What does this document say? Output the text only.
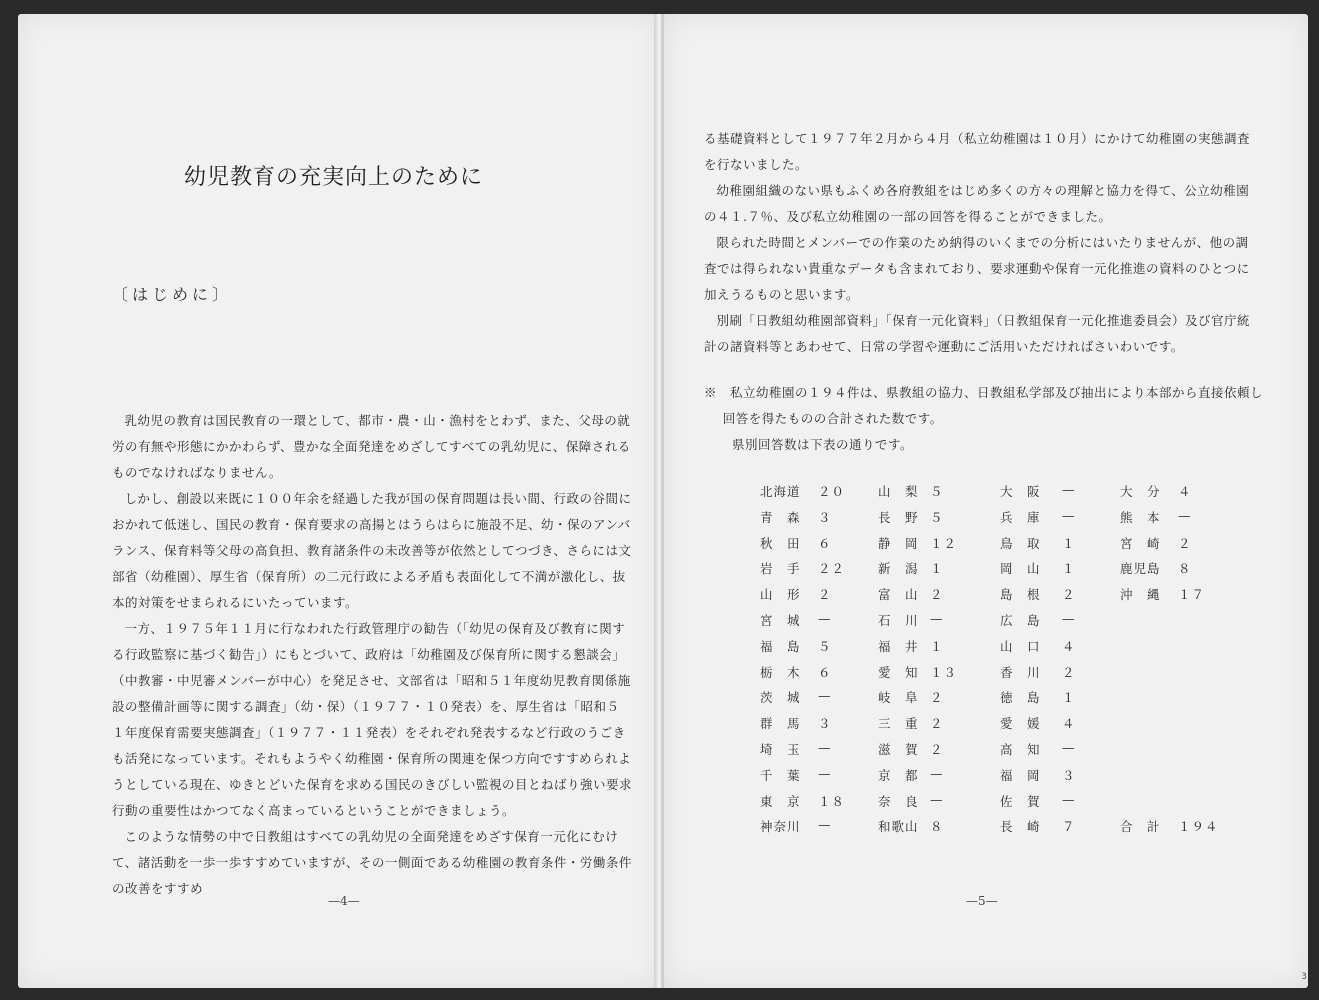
幼児教育の充実向上のために
〔はじめに〕
乳幼児の教育は国民教育の一環として、都市・農・山・漁村をとわず、また、父母の就労の有無や形態にかかわらず、豊かな全面発達をめざしてすべての乳幼児に、保障されるものでなければなりません。
しかし、創設以来既に１００年余を経過した我が国の保育問題は長い間、行政の谷間におかれて低迷し、国民の教育・保育要求の高揚とはうらはらに施設不足、幼・保のアンバランス、保育料等父母の高負担、教育諸条件の未改善等が依然としてつづき、さらには文部省（幼稚園）、厚生省（保育所）の二元行政による矛盾も表面化して不満が激化し、抜本的対策をせまられるにいたっています。
一方、１９７５年１１月に行なわれた行政管理庁の勧告（「幼児の保育及び教育に関する行政監察に基づく勧告」）にもとづいて、政府は「幼稚園及び保育所に関する懇談会」（中教審・中児審メンバーが中心）を発足させ、文部省は「昭和５１年度幼児教育関係施設の整備計画等に関する調査」（幼・保）（１９７７・１０発表）を、厚生省は「昭和５１年度保育需要実態調査」（１９７７・１１発表）をそれぞれ発表するなど行政のうごきも活発になっています。それもようやく幼稚園・保育所の関連を保つ方向ですすめられようとしている現在、ゆきとどいた保育を求める国民のきびしい監視の目とねばり強い要求行動の重要性はかつてなく高まっているということができましょう。
このような情勢の中で日教組はすべての乳幼児の全面発達をめざす保育一元化にむけて、諸活動を一歩一歩すすめていますが、その一側面である幼稚園の教育条件・労働条件の改善をすすめ
—4—
る基礎資料として１９７７年２月から４月（私立幼稚園は１０月）にかけて幼稚園の実態調査を行ないました。
幼稚園組織のない県もふくめ各府教組をはじめ多くの方々の理解と協力を得て、公立幼稚園の４１.７％、及び私立幼稚園の一部の回答を得ることができました。
限られた時間とメンバーでの作業のため納得のいくまでの分析にはいたりませんが、他の調査では得られない貴重なデータも含まれており、要求運動や保育一元化推進の資料のひとつに加えうるものと思います。
別刷「日教組幼稚園部資料」「保育一元化資料」（日教組保育一元化推進委員会）及び官庁統計の諸資料等とあわせて、日常の学習や運動にご活用いただければさいわいです。
※　私立幼稚園の１９４件は、県教組の協力、日教組私学部及び抽出により本部から直接依頼し回答を得たものの合計された数です。
県別回答数は下表の通りです。
北海道 ２０	山　梨 ５	大　阪 —	大　分 ４
青　森 ３	長　野 ５	兵　庫 —	熊　本 —
秋　田 ６	静　岡 １２	鳥　取 １	宮　崎 ２
岩　手 ２２	新　潟 １	岡　山 １	鹿児島 ８
山　形 ２	富　山 ２	島　根 ２	沖　縄 １７
宮　城 —	石　川 —	広　島 —
福　島 ５	福　井 １	山　口 ４
栃　木 ６	愛　知 １３	香　川 ２
茨　城 —	岐　阜 ２	徳　島 １
群　馬 ３	三　重 ２	愛　媛 ４
埼　玉 —	滋　賀 ２	高　知 —
千　葉 —	京　都 —	福　岡 ３
東　京 １８	奈　良 —	佐　賀 —
神奈川 —	和歌山 ８	長　崎 ７	合　計 １９４
—5—
3
